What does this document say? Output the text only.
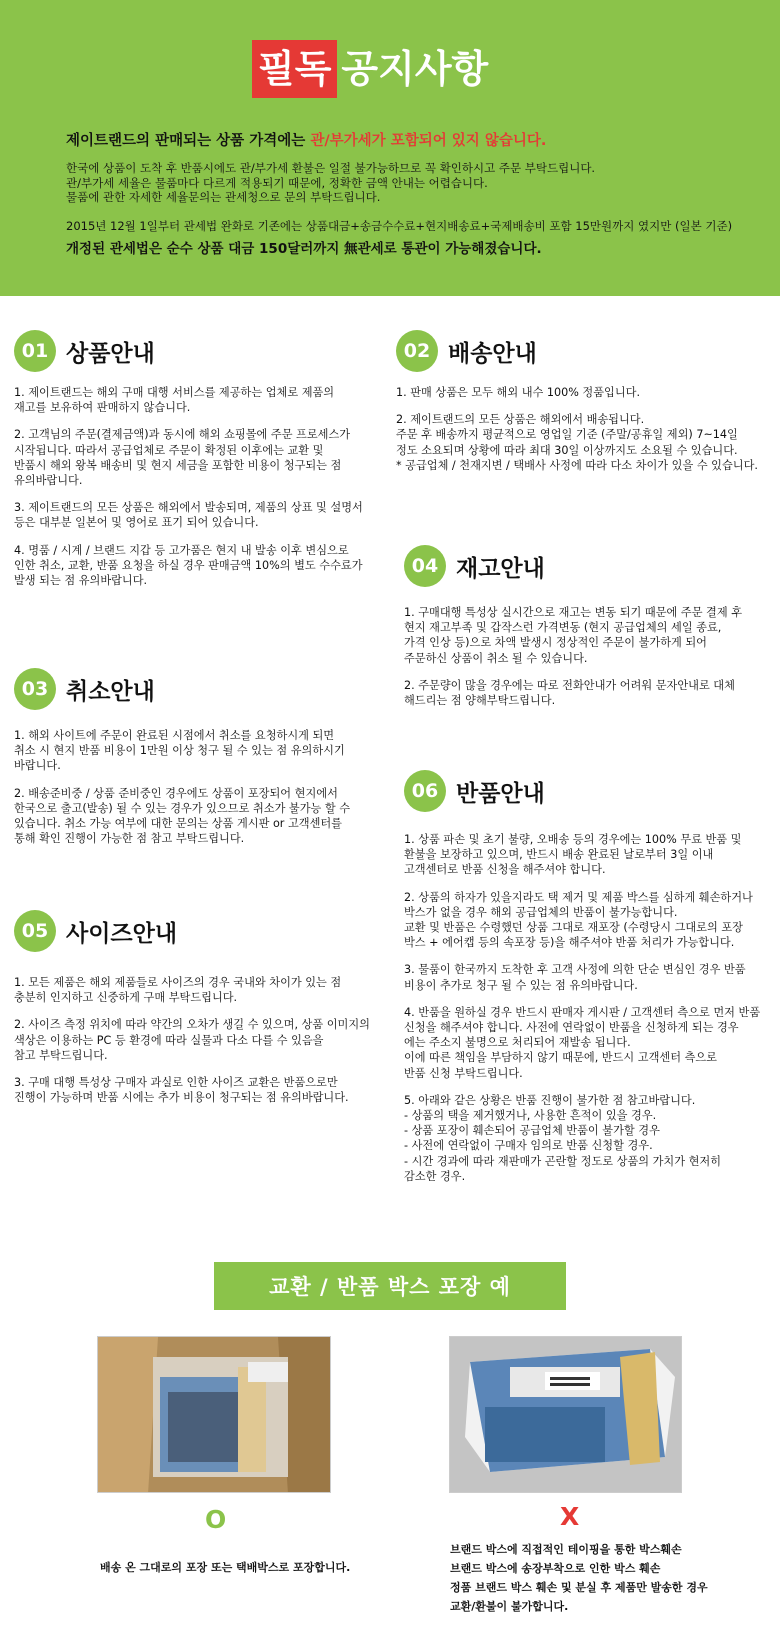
필독 공지사항
제이트랜드의 판매되는 상품 가격에는 관/부가세가 포함되어 있지 않습니다.
한국에 상품이 도착 후 반품시에도 관/부가세 환불은 일절 불가능하므로 꼭 확인하시고 주문 부탁드립니다.
관/부가세 세율은 물품마다 다르게 적용되기 때문에, 정확한 금액 안내는 어렵습니다.
물품에 관한 자세한 세율문의는 관세청으로 문의 부탁드립니다.
2015년 12월 1일부터 관세법 완화로 기존에는 상품대금+송금수수료+현지배송료+국제배송비 포함 15만원까지 였지만 (일본 기준)
개정된 관세법은 순수 상품 대금 150달러까지 無관세로 통관이 가능해졌습니다.
01 상품안내
1. 제이트랜드는 해외 구매 대행 서비스를 제공하는 업체로 제품의
재고를 보유하여 판매하지 않습니다.
2. 고객님의 주문(결제금액)과 동시에 해외 쇼핑몰에 주문 프로세스가
시작됩니다. 따라서 공급업체로 주문이 확정된 이후에는 교환 및
반품시 해외 왕복 배송비 및 현지 세금을 포함한 비용이 청구되는 점
유의바랍니다.
3. 제이트랜드의 모든 상품은 해외에서 발송되며, 제품의 상표 및 설명서
등은 대부분 일본어 및 영어로 표기 되어 있습니다.
4. 명품 / 시계 / 브랜드 지갑 등 고가품은 현지 내 발송 이후 변심으로
인한 취소, 교환, 반품 요청을 하실 경우 판매금액 10%의 별도 수수료가
발생 되는 점 유의바랍니다.
02 배송안내
1. 판매 상품은 모두 해외 내수 100% 정품입니다.
2. 제이트랜드의 모든 상품은 해외에서 배송됩니다.
주문 후 배송까지 평균적으로 영업일 기준 (주말/공휴일 제외) 7~14일
정도 소요되며 상황에 따라 최대 30일 이상까지도 소요될 수 있습니다.
* 공급업체 / 천재지변 / 택배사 사정에 따라 다소 차이가 있을 수 있습니다.
03 취소안내
1. 해외 사이트에 주문이 완료된 시점에서 취소를 요청하시게 되면
취소 시 현지 반품 비용이 1만원 이상 청구 될 수 있는 점 유의하시기
바랍니다.
2. 배송준비중 / 상품 준비중인 경우에도 상품이 포장되어 현지에서
한국으로 출고(발송) 될 수 있는 경우가 있으므로 취소가 불가능 할 수
있습니다. 취소 가능 여부에 대한 문의는 상품 게시판 or 고객센터를
통해 확인 진행이 가능한 점 참고 부탁드립니다.
04 재고안내
1. 구매대행 특성상 실시간으로 재고는 변동 되기 때문에 주문 결제 후
현지 재고부족 및 갑작스런 가격변동 (현지 공급업체의 세일 종료,
가격 인상 등)으로 차액 발생시 정상적인 주문이 불가하게 되어
주문하신 상품이 취소 될 수 있습니다.
2. 주문량이 많을 경우에는 따로 전화안내가 어려워 문자안내로 대체
해드리는 점 양해부탁드립니다.
05 사이즈안내
1. 모든 제품은 해외 제품들로 사이즈의 경우 국내와 차이가 있는 점
충분히 인지하고 신중하게 구매 부탁드립니다.
2. 사이즈 측정 위치에 따라 약간의 오차가 생길 수 있으며, 상품 이미지의
색상은 이용하는 PC 등 환경에 따라 실물과 다소 다를 수 있음을
참고 부탁드립니다.
3. 구매 대행 특성상 구매자 과실로 인한 사이즈 교환은 반품으로만
진행이 가능하며 반품 시에는 추가 비용이 청구되는 점 유의바랍니다.
06 반품안내
1. 상품 파손 및 초기 불량, 오배송 등의 경우에는 100% 무료 반품 및
환불을 보장하고 있으며, 반드시 배송 완료된 날로부터 3일 이내
고객센터로 반품 신청을 해주셔야 합니다.
2. 상품의 하자가 있을지라도 택 제거 및 제품 박스를 심하게 훼손하거나
박스가 없을 경우 해외 공급업체의 반품이 불가능합니다.
교환 및 반품은 수령했던 상품 그대로 재포장 (수령당시 그대로의 포장
박스 + 에어캡 등의 속포장 등)을 해주셔야 반품 처리가 가능합니다.
3. 물품이 한국까지 도착한 후 고객 사정에 의한 단순 변심인 경우 반품
비용이 추가로 청구 될 수 있는 점 유의바랍니다.
4. 반품을 원하실 경우 반드시 판매자 게시판 / 고객센터 측으로 먼저 반품
신청을 해주셔야 합니다. 사전에 연락없이 반품을 신청하게 되는 경우
에는 주소지 불명으로 처리되어 재발송 됩니다.
이에 따른 책임을 부담하지 않기 때문에, 반드시 고객센터 측으로
반품 신청 부탁드립니다.
5. 아래와 같은 상황은 반품 진행이 불가한 점 참고바랍니다.
- 상품의 택을 제거했거나, 사용한 흔적이 있을 경우.
- 상품 포장이 훼손되어 공급업체 반품이 불가할 경우
- 사전에 연락없이 구매자 임의로 반품 신청할 경우.
- 시간 경과에 따라 재판매가 곤란할 정도로 상품의 가치가 현저히
감소한 경우.
교환 / 반품 박스 포장 예
O	X
배송 온 그대로의 포장 또는 택배박스로 포장합니다.
브랜드 박스에 직접적인 테이핑을 통한 박스훼손
브랜드 박스에 송장부착으로 인한 박스 훼손
정품 브랜드 박스 훼손 및 분실 후 제품만 발송한 경우
교환/환불이 불가합니다.
